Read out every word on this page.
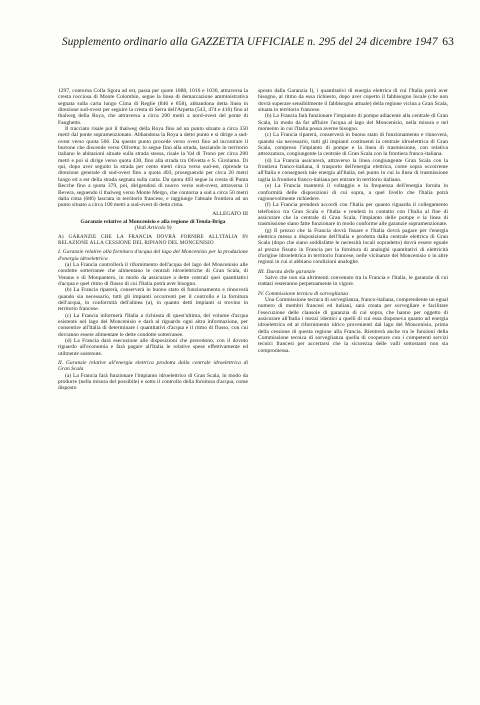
Supplemento ordinario alla GAZZETTA UFFICIALE n. 295 del 24 dicembre 1947 63

1297, contorna Colla Sgora ad est, passa per quote 1088, 1016 e 1036, attraversa la cresta rocciosa di Monte Colombin, segue la linea di demarcazione amministrativa segnata sulla carta lungo Cima di Reglie (846 e 858), abbandona detta linea in direzione sud-ovest per seguire la cresta di Serra dell'Arpetta (543, 474 e 416) fino al thalweg della Roya, che attraversa a circa 200 metri a nord-ovest del ponte di Fanghetto.

Il tracciato risale poi il thalweg della Roya fino ad un punto situato a circa 350 metri dal ponte sopramenzionato. Abbandona la Roya a detto punto e si dirige a sud-ovest verso quota 566. Da questo punto procede verso ovest fino ad incontrare il burrone che discende verso Olivetta; lo segue fino alla strada, lasciando in territorio italiano le abitazioni situate sulla strada stessa, risale la Val di Trono per circa 200 metri e poi si dirige verso quota 430, fino alla strada tra Olivetta e S. Girolamo. Di qui, dopo aver seguito la strada per cento metri circa verso sud-est, riprende la direzione generale di sud-ovest fino a quota 403, proseguendo per circa 20 metri lungo ed a est della strada segnata sulla carta. Da quota 403 segue la cresta di Punta Becche fino a quota 379, poi, dirigendosi di nuovo verso sud-ovest, attraversa il Bevera, seguendo il thalweg verso Monte Mergo, che contorna a sud a circa 50 metri dalla cima (686) lasciata in territorio francese, e raggiunge l'attuale frontiera ad un punto situato a circa 100 metri a sud-ovest di detta cima.

ALLEGATO III

Garanzie relative al Moncenisio e alla regione di Tenda-Briga

(Vedi Articolo 9)

A) GARANZIE CHE LA FRANCIA DOVRÀ FORNIRE ALL'ITALIA IN RELAZIONE ALLA CESSIONE DEL RIPIANO DEL MONCENISIO

I. Garanzie relative alla fornitura d'acqua del lago del Moncenisio per la produzione d'energia idroelettrica

(a) La Francia controllerà il rifornimento dell'acqua del lago del Moncenisio alle condotte sotterranee che alimentano le centrali idroelettriche di Gran Scala, di Venaus e di Monpantero, in modo da assicurare a dette centrali quei quantitativi d'acqua e quel ritmo di flusso di cui l'Italia potrà aver bisogno.

(b) La Francia riparerà, conserverà in buono stato di funzionamento e rinnoverà quando sia necessario, tutti gli impianti occorrenti per il controllo e la fornitura dell'acqua, in conformità dell'alinea (a), in quanto detti impianti si trovino in territorio francese.

(c) La Francia informerà l'Italia a richiesta di quest'ultima, del volume d'acqua esistente nel lago del Moncenisio e darà al riguardo ogni altra informazione, per consentire all'Italia di determinare i quantitativi d'acqua e il ritmo di flusso, con cui dovranno essere alimentate le dette condotte sotterranee.

(d) La Francia darà esecuzione alle disposizioni che precedono, con il dovuto riguardo all'economia e farà pagare all'Italia le relative spese effettivamente ed utilmente sostenute.

II. Garanzie relative all'energia elettrica prodotta dalla centrale idroelettrica di Gran Scala

(a) La Francia farà funzionare l'impianto idroelettrico di Gran Scala, in modo da produrre (nella misura del possibile) e sotto il controllo della fornitura d'acqua, come disposto

sposto dalla Garanzia I), i quantitativi di energia elettrica di cui l'Italia potrà aver bisogno, al ritmo da essa richiesto, dopo aver coperto il fabbisogno locale (che non dovrà superare sensibilmente il fabbisogno attuale) della regione vicina a Gran Scala, situata in territorio francese.

(b) La Francia farà funzionare l'impianto di pompe adiacente alla centrale di Gran Scala, in modo da far affluire l'acqua al lago del Moncenisio, nella misura e nel momento in cui l'Italia possa averne bisogno.

(c) La Francia riparerà, conserverà in buono stato di funzionamento e rinnoverà, quando sia necessario, tutti gli impianti costituenti la centrale idroelettrica di Gran Scala, compreso l'impianto di pompe e la linea di trasmissione, con relativa attrezzatura, congiungente la centrale di Gran Scala con la frontiera franco-italiana.

(d) La Francia assicurerà, attraverso la linea congiungente Gran Scala con la frontiera franco-italiana, il trasporto dell'energia elettrica, come sopra occorrente all'Italia e consegnerà tale energia all'Italia, nel punto in cui la linea di trasmissione taglia la frontiera franco-italiana per entrare in territorio italiano.

(e) La Francia manterrà il voltaggio e la frequenza dell'energia fornita in conformità delle disposizioni di cui sopra, a quel livello che l'Italia potrà ragionevolmente richiedere.

(f) La Francia prenderà accordi con l'Italia per quanto riguarda il collegamento telefonico tra Gran Scala e l'Italia e renderà in contatto con l'Italia al fine di assicurare che la centrale di Gran Scala, l'impianto delle pompe e la linea di trasmissione siano fatte funzionare in modo conforme alle garanzie sopramenzionate.

(g) Il prezzo che la Francia dovrà fissare e l'Italia dovrà pagare per l'energia elettrica messa a disposizione dell'Italia e prodotta dalla centrale elettrica di Gran Scala (dopo che siano soddisfatte le necessità locali sopradetto) dovrà essere eguale al prezzo fissato in Francia per la fornitura di analoghi quantitativi di elettricità d'origine idroelettrica in territorio francese, nelle vicinanze del Moncenisio o in altre regioni in cui si abbiano condizioni analoghe.

III. Durata delle garanzie

Salvo che non sia altrimenti convenuto tra la Francia e l'Italia, le garanzie di cui trattasi resteranno perpetuamente in vigore.

IV. Commissione tecnica di sorveglianza

Una Commissione tecnica di sorveglianza, franco-italiana, comprendente un egual numero di membri francesi ed italiani, sarà creata per sorvegliare e facilitare l'esecuzione delle clausole di garanzia di cui sopra, che hanno per oggetto di assicurare all'Italia i mezzi identici a quelli di cui essa disponeva quanto ad energia idroelettrica ed al rifornimento idrico provenienti dal lago del Moncenisio, prima della cessione di questa regione alla Francia. Rientrerà anche tra le funzioni della Commissione tecnica di sorveglianza quella di cooperare con i competenti servizi tecnici francesi per accertarsi che la sicurezza delle valli sottostanti non sia compromessa.
